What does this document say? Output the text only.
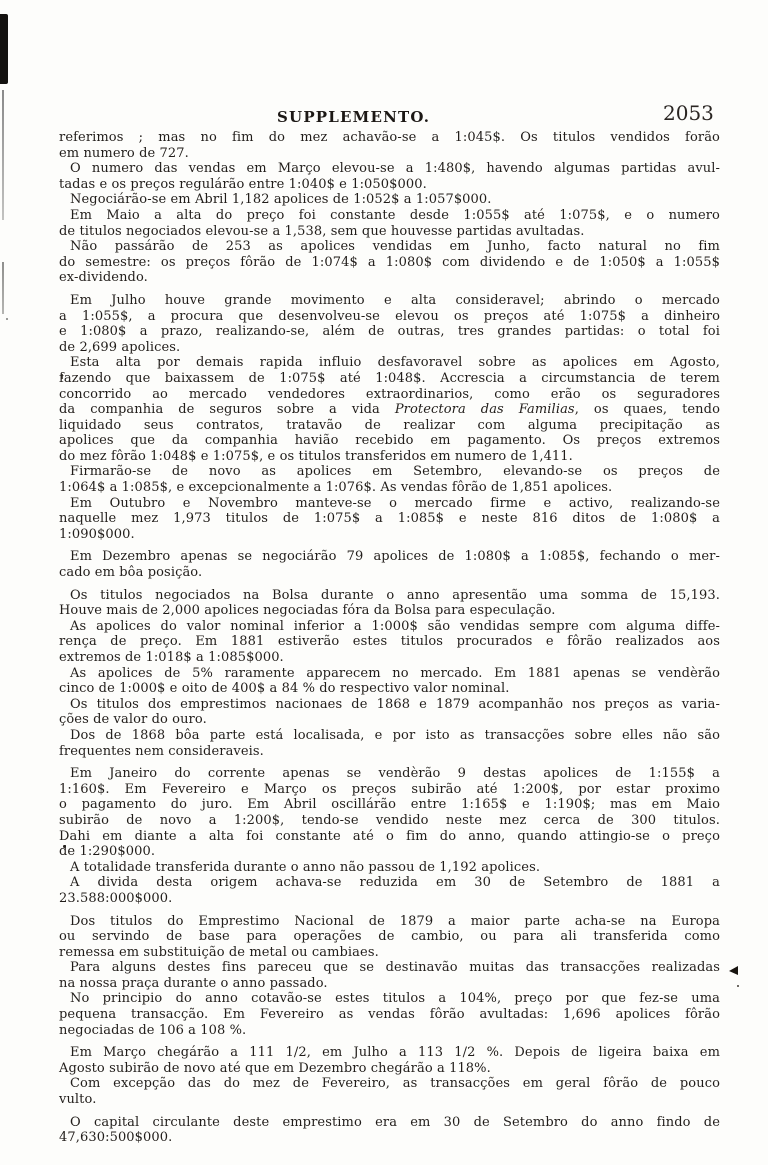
SUPPLEMENTO.	2053
referimos ; mas no fim do mez achavão-se a 1:045$. Os titulos vendidos forão
em numero de 727.
O numero das vendas em Março elevou-se a 1:480$, havendo algumas partidas avul-
tadas e os preços regulárão entre 1:040$ e 1:050$000.
Negociárão-se em Abril 1,182 apolices de 1:052$ a 1:057$000.
Em Maio a alta do preço foi constante desde 1:055$ até 1:075$, e o numero
de titulos negociados elevou-se a 1,538, sem que houvesse partidas avultadas.
Não passárão de 253 as apolices vendidas em Junho, facto natural no fim
do semestre: os preços fôrão de 1:074$ a 1:080$ com dividendo e de 1:050$ a 1:055$
ex-dividendo.
Em Julho houve grande movimento e alta consideravel; abrindo o mercado
a 1:055$, a procura que desenvolveu-se elevou os preços até 1:075$ a dinheiro
e 1:080$ a prazo, realizando-se, além de outras, tres grandes partidas: o total foi
de 2,699 apolices.
Esta alta por demais rapida influio desfavoravel sobre as apolices em Agosto,
fazendo que baixassem de 1:075$ até 1:048$. Accrescia a circumstancia de terem
concorrido ao mercado vendedores extraordinarios, como erão os seguradores
da companhia de seguros sobre a vida Protectora das Familias, os quaes, tendo
liquidado seus contratos, tratavão de realizar com alguma precipitação as
apolices que da companhia havião recebido em pagamento. Os preços extremos
do mez fôrão 1:048$ e 1:075$, e os titulos transferidos em numero de 1,411.
Firmarão-se de novo as apolices em Setembro, elevando-se os preços de
1:064$ a 1:085$, e excepcionalmente a 1:076$. As vendas fôrão de 1,851 apolices.
Em Outubro e Novembro manteve-se o mercado firme e activo, realizando-se
naquelle mez 1,973 titulos de 1:075$ a 1:085$ e neste 816 ditos de 1:080$ a
1:090$000.
Em Dezembro apenas se negociárão 79 apolices de 1:080$ a 1:085$, fechando o mer-
cado em bôa posição.
Os titulos negociados na Bolsa durante o anno apresentão uma somma de 15,193.
Houve mais de 2,000 apolices negociadas fóra da Bolsa para especulação.
As apolices do valor nominal inferior a 1:000$ são vendidas sempre com alguma diffe-
rença de preço. Em 1881 estiverão estes titulos procurados e fôrão realizados aos
extremos de 1:018$ a 1:085$000.
As apolices de 5% raramente apparecem no mercado. Em 1881 apenas se vendèrão
cinco de 1:000$ e oito de 400$ a 84 % do respectivo valor nominal.
Os titulos dos emprestimos nacionaes de 1868 e 1879 acompanhão nos preços as varia-
ções de valor do ouro.
Dos de 1868 bôa parte está localisada, e por isto as transacções sobre elles não são
frequentes nem consideraveis.
Em Janeiro do corrente apenas se vendèrão 9 destas apolices de 1:155$ a
1:160$. Em Fevereiro e Março os preços subirão até 1:200$, por estar proximo
o pagamento do juro. Em Abril oscillárão entre 1:165$ e 1:190$; mas em Maio
subirão de novo a 1:200$, tendo-se vendido neste mez cerca de 300 titulos.
Dahi em diante a alta foi constante até o fim do anno, quando attingio-se o preço
de 1:290$000.
A totalidade transferida durante o anno não passou de 1,192 apolices.
A divida desta origem achava-se reduzida em 30 de Setembro de 1881 a
23.588:000$000.
Dos titulos do Emprestimo Nacional de 1879 a maior parte acha-se na Europa
ou servindo de base para operações de cambio, ou para ali transferida como
remessa em substituição de metal ou cambiaes.
Para alguns destes fins pareceu que se destinavão muitas das transacções realizadas
na nossa praça durante o anno passado.
No principio do anno cotavão-se estes titulos a 104%, preço por que fez-se uma
pequena transacção. Em Fevereiro as vendas fôrão avultadas: 1,696 apolices fôrão
negociadas de 106 a 108 %.
Em Março chegárão a 111 1/2, em Julho a 113 1/2 %. Depois de ligeira baixa em
Agosto subirão de novo até que em Dezembro chegárão a 118%.
Com excepção das do mez de Fevereiro, as transacções em geral fôrão de pouco
vulto.
O capital circulante deste emprestimo era em 30 de Setembro do anno findo de
47,630:500$000.
